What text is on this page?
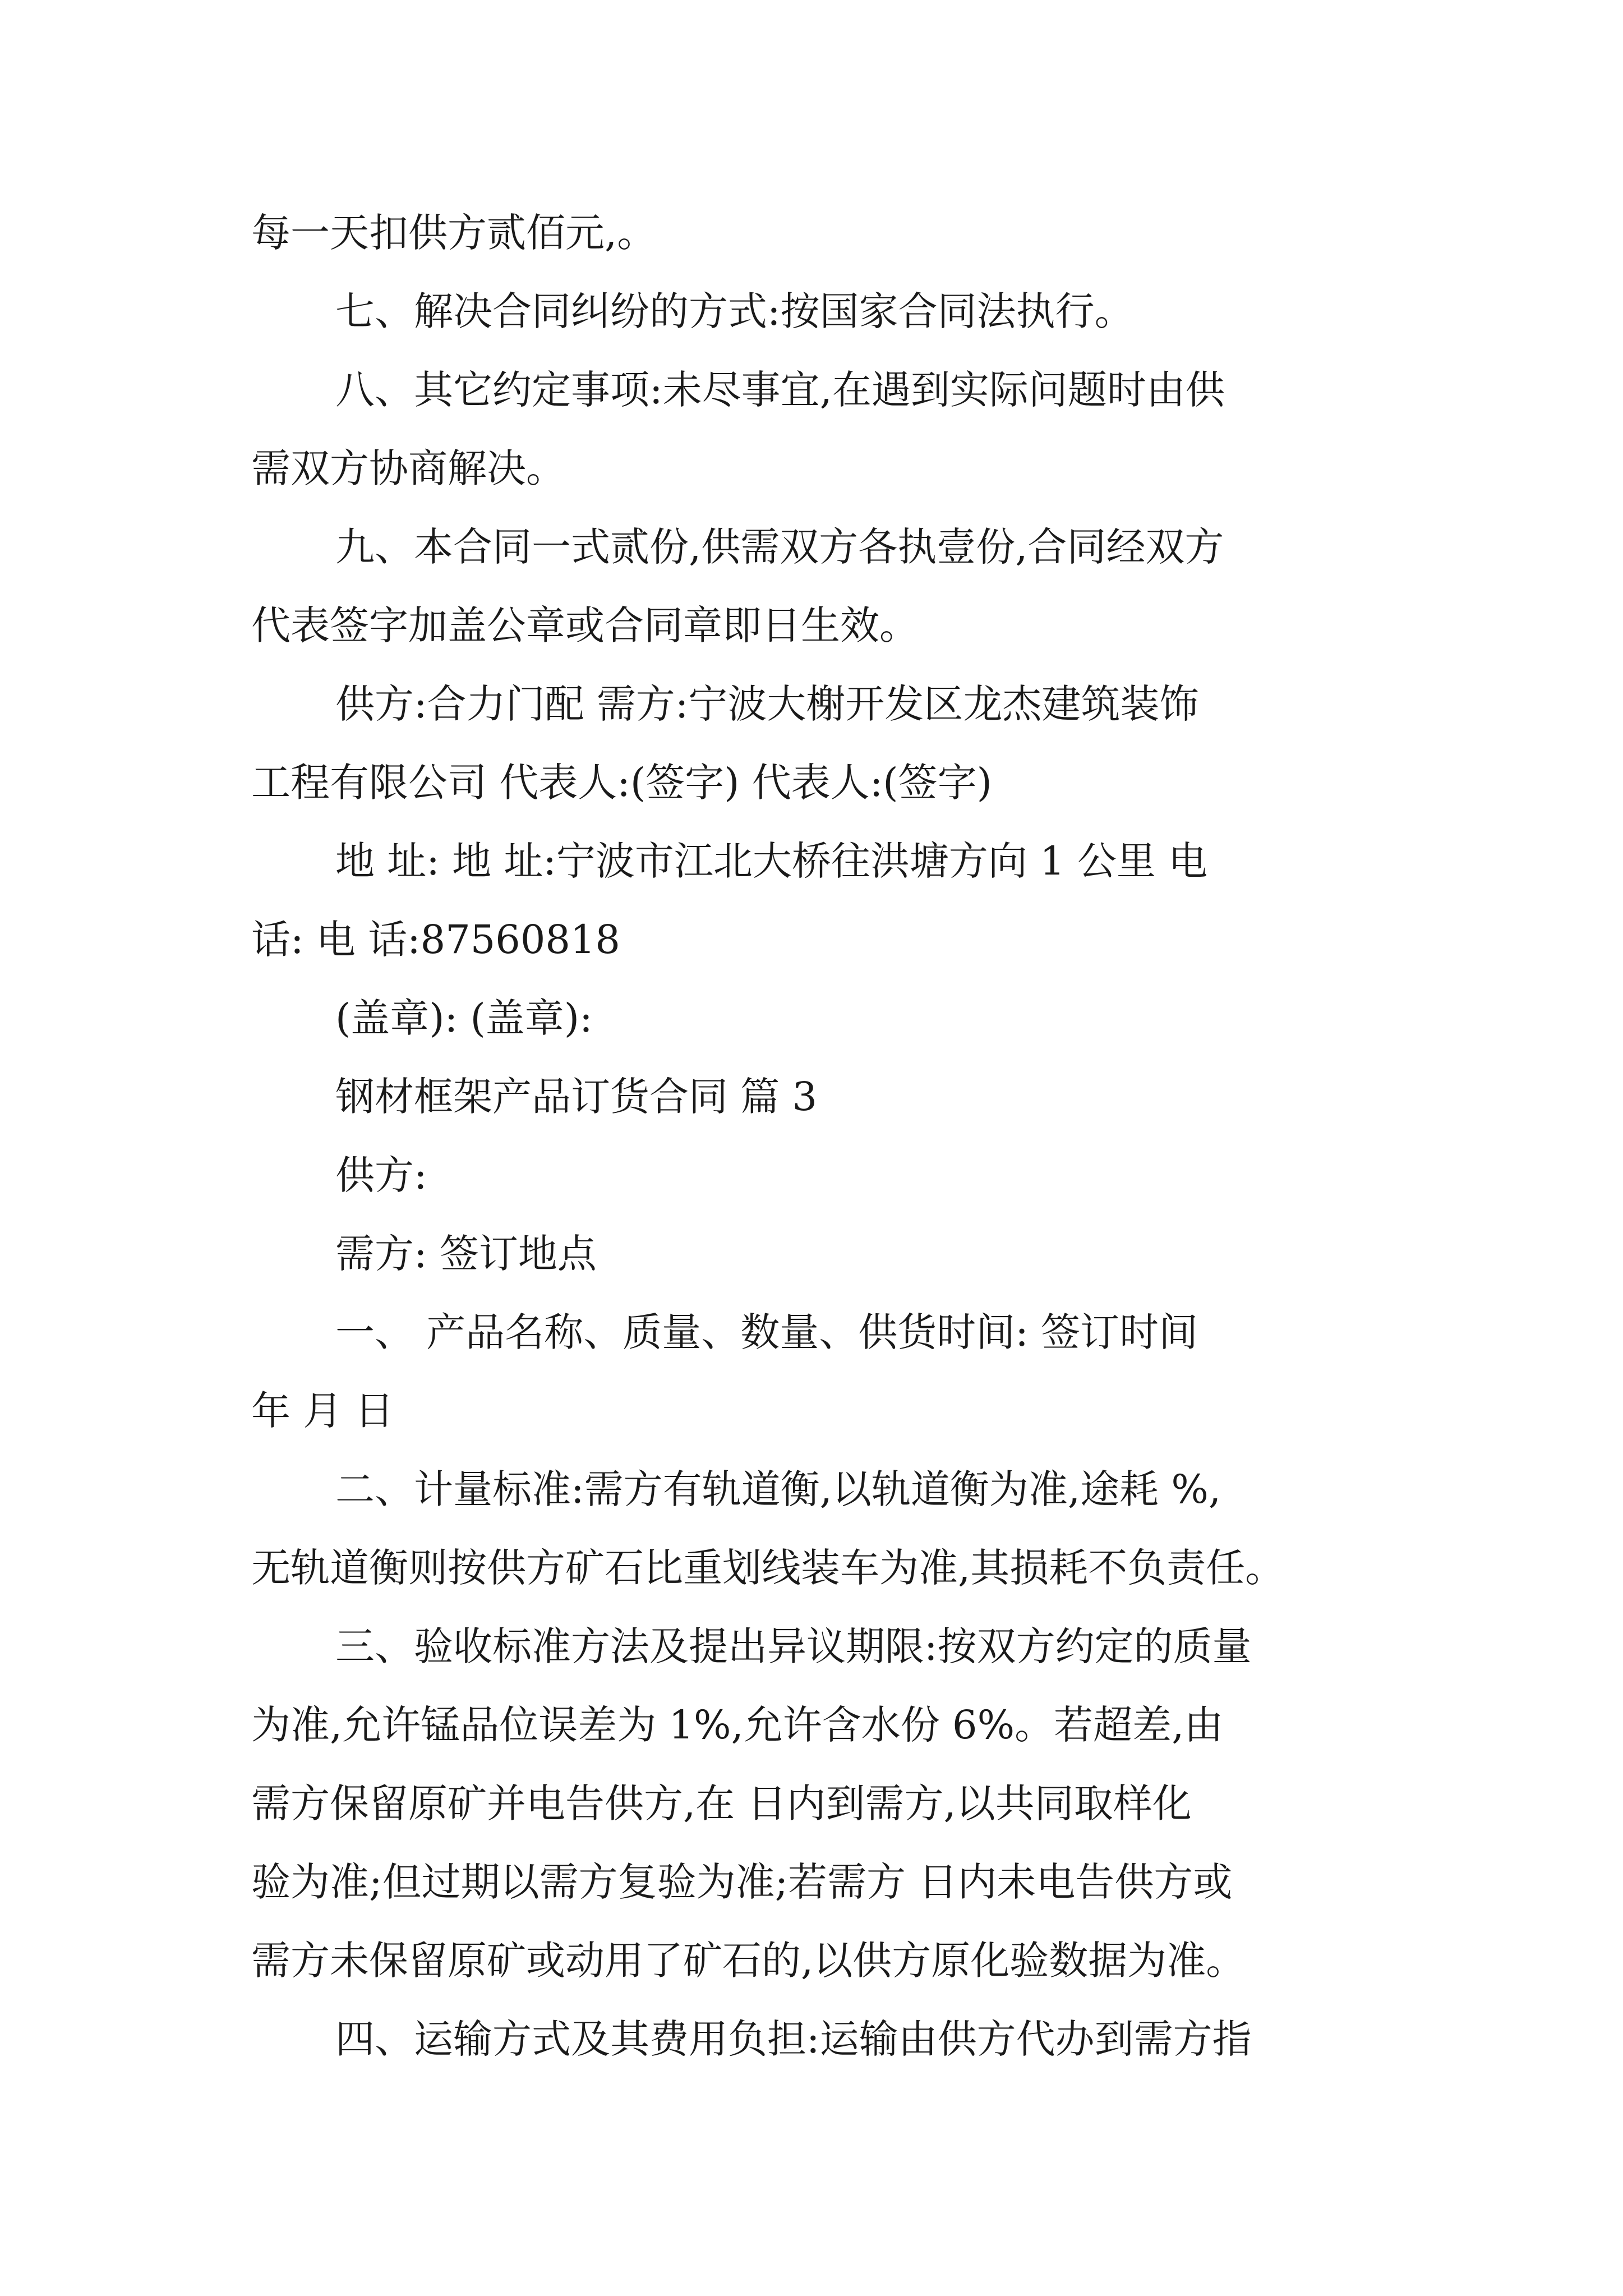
每一天扣供方贰佰元,。

七、解决合同纠纷的方式:按国家合同法执行。

八、其它约定事项:未尽事宜,在遇到实际问题时由供

需双方协商解决。

九、本合同一式贰份,供需双方各执壹份,合同经双方

代表签字加盖公章或合同章即日生效。

供方:合力门配 需方:宁波大榭开发区龙杰建筑装饰

工程有限公司 代表人:(签字) 代表人:(签字)

地 址: 地 址:宁波市江北大桥往洪塘方向 1 公里 电

话: 电 话:87560818

(盖章): (盖章):

钢材框架产品订货合同 篇 3

供方:

需方: 签订地点

一、 产品名称、质量、数量、供货时间: 签订时间

年 月 日

二、计量标准:需方有轨道衡,以轨道衡为准,途耗 %,

无轨道衡则按供方矿石比重划线装车为准,其损耗不负责任。

三、验收标准方法及提出异议期限:按双方约定的质量

为准,允许锰品位误差为 1%,允许含水份 6%。若超差,由

需方保留原矿并电告供方,在 日内到需方,以共同取样化

验为准;但过期以需方复验为准;若需方 日内未电告供方或

需方未保留原矿或动用了矿石的,以供方原化验数据为准。

四、运输方式及其费用负担:运输由供方代办到需方指
